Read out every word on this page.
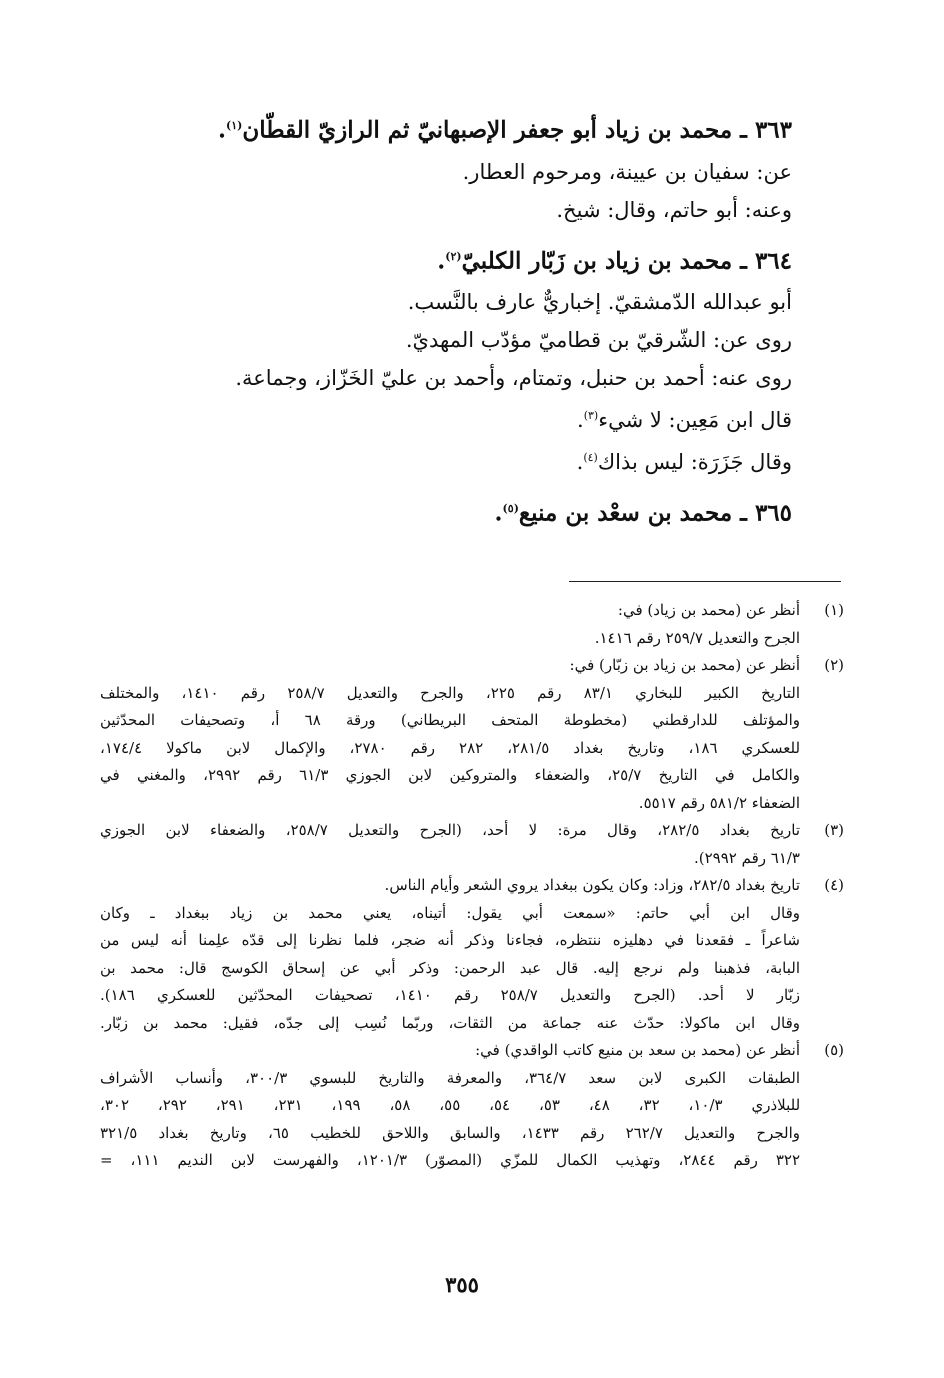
٣٦٣ ـ محمد بن زياد أبو جعفر الإصبهانيّ ثم الرازيّ القطّان$^{(١)}$.

عن: سفيان بن عيينة، ومرحوم العطار.

وعنه: أبو حاتم، وقال: شيخ.

٣٦٤ ـ محمد بن زياد بن زَبّار الكلبيّ$^{(٢)}$.

أبو عبدالله الدّمشقيّ. إخباريٌّ عارف بالنَّسب.

روى عن: الشّرقيّ بن قطاميّ مؤدّب المهديّ.

روى عنه: أحمد بن حنبل، وتمتام، وأحمد بن عليّ الخَزّاز، وجماعة.

قال ابن مَعِين: لا شيء$^{(٣)}$.

وقال جَزَرَة: ليس بذاك$^{(٤)}$.

٣٦٥ ـ محمد بن سعْد بن منيع$^{(٥)}$.

(١)
أنظر عن (محمد بن زياد) في:
الجرح والتعديل ٢٥٩/٧ رقم ١٤١٦.
(٢)
أنظر عن (محمد بن زياد بن زبّار) في:
التاريخ الكبير للبخاري ٨٣/١ رقم ٢٢٥، والجرح والتعديل ٢٥٨/٧ رقم ١٤١٠، والمختلف
والمؤتلف للدارقطني (مخطوطة المتحف البريطاني) ورقة ٦٨ أ، وتصحيفات المحدّثين
للعسكري ١٨٦، وتاريخ بغداد ٢٨١/٥، ٢٨٢ رقم ٢٧٨٠، والإكمال لابن ماكولا ١٧٤/٤،
والكامل في التاريخ ٢٥/٧، والضعفاء والمتروكين لابن الجوزي ٦١/٣ رقم ٢٩٩٢، والمغني في
الضعفاء ٥٨١/٢ رقم ٥٥١٧.
(٣)
تاريخ بغداد ٢٨٢/٥، وقال مرة: لا أحد، (الجرح والتعديل ٢٥٨/٧، والضعفاء لابن الجوزي
٦١/٣ رقم ٢٩٩٢).
(٤)
تاريخ بغداد ٢٨٢/٥، وزاد: وكان يكون ببغداد يروي الشعر وأيام الناس.
وقال ابن أبي حاتم: «سمعت أبي يقول: أتيناه، يعني محمد بن زياد ببغداد ـ وكان
شاعراً ـ فقعدنا في دهليزه ننتظره، فجاءنا وذكر أنه ضجر، فلما نظرنا إلى قدّه علِمنا أنه ليس من
البابة، فذهبنا ولم نرجع إليه. قال عبد الرحمن: وذكر أبي عن إسحاق الكوسج قال: محمد بن
زبّار لا أحد. (الجرح والتعديل ٢٥٨/٧ رقم ١٤١٠، تصحيفات المحدّثين للعسكري ١٨٦).
وقال ابن ماكولا: حدّث عنه جماعة من الثقات، وربّما نُسِب إلى جدّه، فقيل: محمد بن زبّار.
(٥)
أنظر عن (محمد بن سعد بن منيع كاتب الواقدي) في:
الطبقات الكبرى لابن سعد ٣٦٤/٧، والمعرفة والتاريخ للبسوي ٣٠٠/٣، وأنساب الأشراف
للبلاذري ١٠/٣، ٣٢، ٤٨، ٥٣، ٥٤، ٥٥، ٥٨، ١٩٩، ٢٣١، ٢٩١، ٢٩٢، ٣٠٢،
والجرح والتعديل ٢٦٢/٧ رقم ١٤٣٣، والسابق واللاحق للخطيب ٦٥، وتاريخ بغداد ٣٢١/٥
٣٢٢ رقم ٢٨٤٤، وتهذيب الكمال للمزّي (المصوّر) ١٢٠١/٣، والفهرست لابن النديم ١١١، =
٣٥٥
